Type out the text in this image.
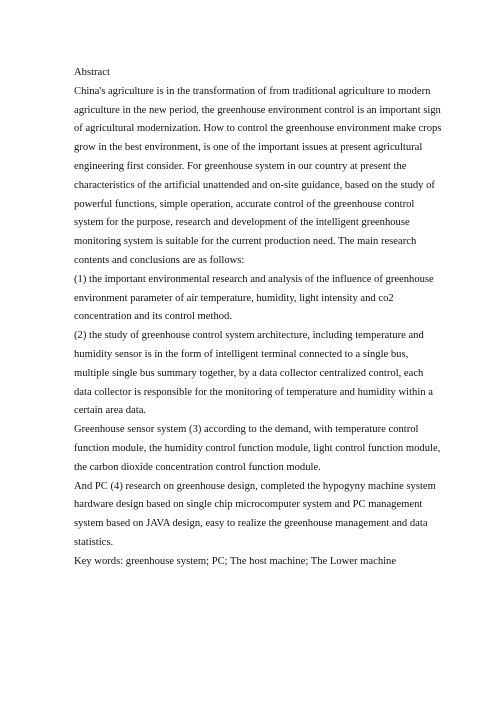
Abstract

China's agriculture is in the transformation of from traditional agriculture to modern
agriculture in the new period, the greenhouse environment control is an important sign
of agricultural modernization. How to control the greenhouse environment make crops
grow in the best environment, is one of the important issues at present agricultural
engineering first consider. For greenhouse system in our country at present the
characteristics of the artificial unattended and on-site guidance, based on the study of
powerful functions, simple operation, accurate control of the greenhouse control
system for the purpose, research and development of the intelligent greenhouse
monitoring system is suitable for the current production need. The main research
contents and conclusions are as follows:

(1) the important environmental research and analysis of the influence of greenhouse
environment parameter of air temperature, humidity, light intensity and co2
concentration and its control method.

(2) the study of greenhouse control system architecture, including temperature and
humidity sensor is in the form of intelligent terminal connected to a single bus,
multiple single bus summary together, by a data collector centralized control, each
data collector is responsible for the monitoring of temperature and humidity within a
certain area data.

Greenhouse sensor system (3) according to the demand, with temperature control
function module, the humidity control function module, light control function module,
the carbon dioxide concentration control function module.

And PC (4) research on greenhouse design, completed the hypogyny machine system
hardware design based on single chip microcomputer system and PC management
system based on JAVA design, easy to realize the greenhouse management and data
statistics.

Key words: greenhouse system; PC; The host machine; The Lower machine
